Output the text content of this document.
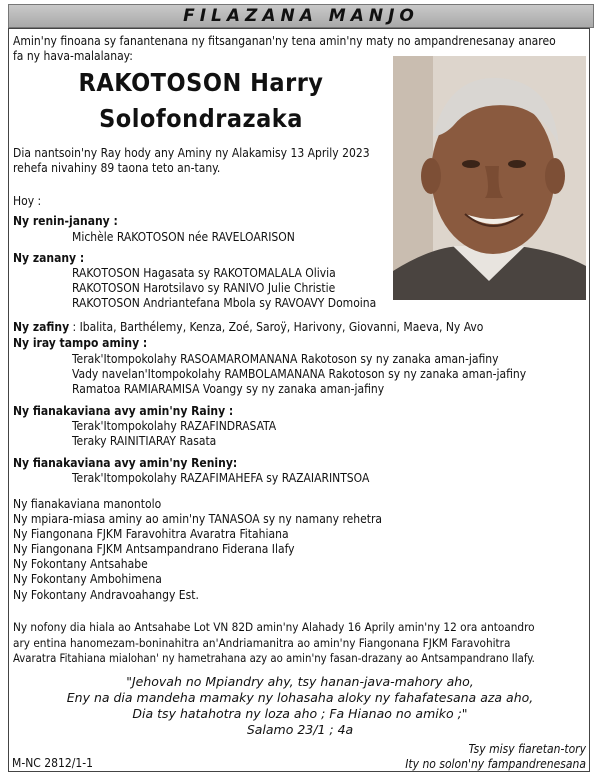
FILAZANA MANJO
Amin'ny finoana sy fanantenana ny fitsanganan'ny tena amin'ny maty no ampandrenesanay anareo
fa ny hava-malalanay:
RAKOTOSON Harry
Solofondrazaka
Dia nantsoin'ny Ray hody any Aminy ny Alakamisy 13 Aprily 2023
rehefa nivahiny 89 taona teto an-tany.
Hoy :
Ny renin-janany :
Michèle RAKOTOSON née RAVELOARISON
Ny zanany :
RAKOTOSON Hagasata sy RAKOTOMALALA Olivia
RAKOTOSON Harotsilavo sy RANIVO Julie Christie
RAKOTOSON Andriantefana Mbola sy RAVOAVY Domoina
Ny zafiny : Ibalita, Barthélemy, Kenza, Zoé, Saroÿ, Harivony, Giovanni, Maeva, Ny Avo
Ny iray tampo aminy :
Terak'Itompokolahy RASOAMAROMANANA Rakotoson sy ny zanaka aman-jafiny
Vady navelan'Itompokolahy RAMBOLAMANANA Rakotoson sy ny zanaka aman-jafiny
Ramatoa RAMIARAMISA Voangy sy ny zanaka aman-jafiny
Ny fianakaviana avy amin'ny Rainy :
Terak'Itompokolahy RAZAFINDRASATA
Teraky RAINITIARAY Rasata
Ny fianakaviana avy amin'ny Reniny:
Terak'Itompokolahy RAZAFIMAHEFA sy RAZAIARINTSOA
Ny fianakaviana manontolo
Ny mpiara-miasa aminy ao amin'ny TANASOA sy ny namany rehetra
Ny Fiangonana FJKM Faravohitra Avaratra Fitahiana
Ny Fiangonana FJKM Antsampandrano Fiderana Ilafy
Ny Fokontany Antsahabe
Ny Fokontany Ambohimena
Ny Fokontany Andravoahangy Est.
Ny nofony dia hiala ao Antsahabe Lot VN 82D amin'ny Alahady 16 Aprily amin'ny 12 ora antoandro
ary entina hanomezam-boninahitra an'Andriamanitra ao amin'ny Fiangonana FJKM Faravohitra
Avaratra Fitahiana mialohan' ny hametrahana azy ao amin'ny fasan-drazany ao Antsampandrano Ilafy.
"Jehovah no Mpiandry ahy, tsy hanan-java-mahory aho,
Eny na dia mandeha mamaky ny lohasaha aloky ny fahafatesana aza aho,
Dia tsy hatahotra ny loza aho ; Fa Hianao no amiko ;"
Salamo 23/1 ; 4a
M-NC 2812/1-1
Tsy misy fiaretan-tory
Ity no solon'ny fampandrenesana
